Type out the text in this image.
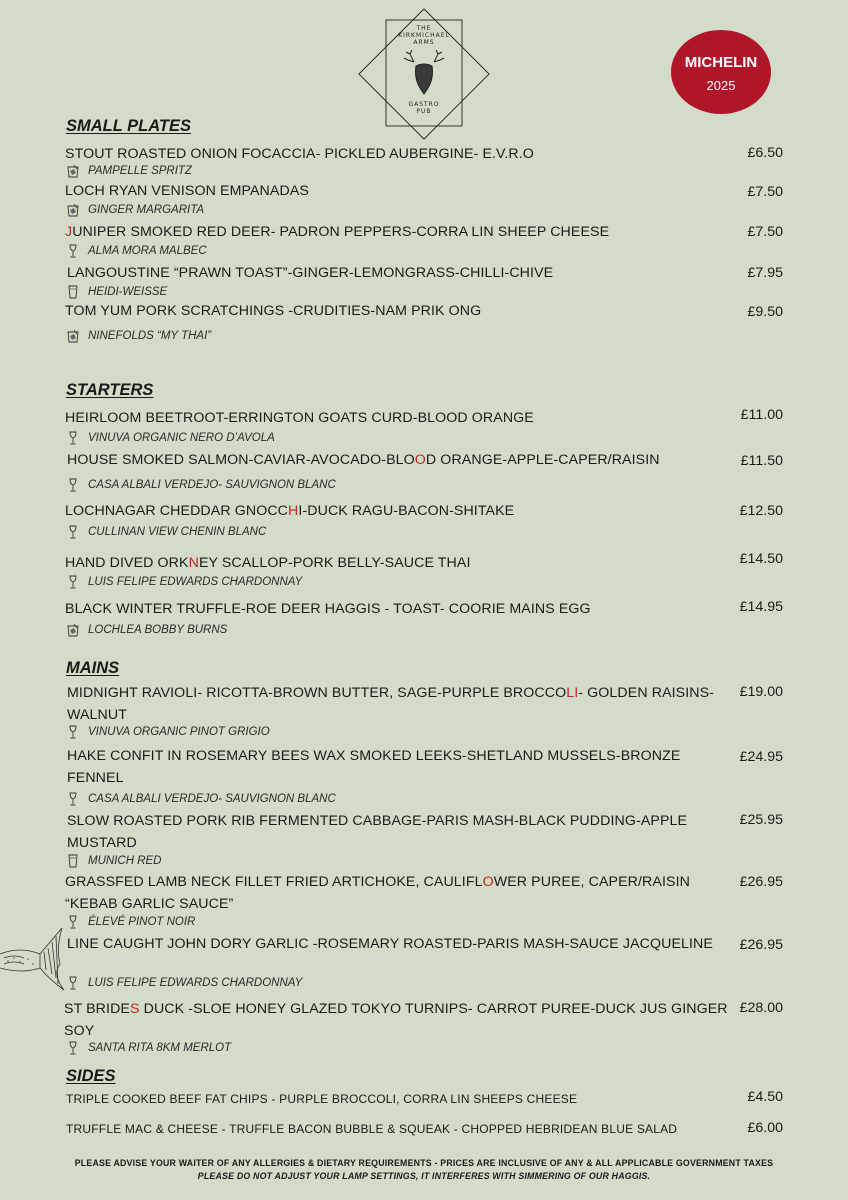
THE
KIRKMICHAEL
ARMS
GASTRO
PUB
MICHELIN
2025
SMALL PLATES
STOUT ROASTED ONION FOCACCIA- PICKLED AUBERGINE- E.V.R.O	£6.50
PAMPELLE SPRITZ
LOCH RYAN VENISON EMPANADAS	£7.50
GINGER MARGARITA
JUNIPER SMOKED RED DEER- PADRON PEPPERS-CORRA LIN SHEEP CHEESE	£7.50
ALMA MORA MALBEC
LANGOUSTINE “PRAWN TOAST”-GINGER-LEMONGRASS-CHILLI-CHIVE	£7.95
HEIDI-WEISSE
TOM YUM PORK SCRATCHINGS -CRUDITIES-NAM PRIK ONG	£9.50
NINEFOLDS “MY THAI”
STARTERS
HEIRLOOM BEETROOT-ERRINGTON GOATS CURD-BLOOD ORANGE	£11.00
VINUVA ORGANIC NERO D’AVOLA
HOUSE SMOKED SALMON-CAVIAR-AVOCADO-BLOOD ORANGE-APPLE-CAPER/RAISIN	£11.50
CASA ALBALI VERDEJO- SAUVIGNON BLANC
LOCHNAGAR CHEDDAR GNOCCHI-DUCK RAGU-BACON-SHITAKE	£12.50
CULLINAN VIEW CHENIN BLANC
HAND DIVED ORKNEY SCALLOP-PORK BELLY-SAUCE THAI	£14.50
LUIS FELIPE EDWARDS CHARDONNAY
BLACK WINTER TRUFFLE-ROE DEER HAGGIS - TOAST- COORIE MAINS EGG	£14.95
LOCHLEA BOBBY BURNS
MAINS
MIDNIGHT RAVIOLI- RICOTTA-BROWN BUTTER, SAGE-PURPLE BROCCOLI- GOLDEN RAISINS- WALNUT
£19.00
VINUVA ORGANIC PINOT GRIGIO
HAKE CONFIT IN ROSEMARY BEES WAX SMOKED LEEKS-SHETLAND MUSSELS-BRONZE FENNEL
£24.95
CASA ALBALI VERDEJO- SAUVIGNON BLANC
SLOW ROASTED PORK RIB FERMENTED CABBAGE-PARIS MASH-BLACK PUDDING-APPLE MUSTARD
£25.95
MUNICH RED
GRASSFED LAMB NECK FILLET FRIED ARTICHOKE, CAULIFLOWER PUREE, CAPER/RAISIN “KEBAB GARLIC SAUCE”
£26.95
ÉLEVÉ PINOT NOIR
LINE CAUGHT JOHN DORY GARLIC -ROSEMARY ROASTED-PARIS MASH-SAUCE JACQUELINE	£26.95
LUIS FELIPE EDWARDS CHARDONNAY
ST BRIDES DUCK -SLOE HONEY GLAZED TOKYO TURNIPS- CARROT PUREE-DUCK JUS GINGER SOY
£28.00
SANTA RITA 8KM MERLOT
SIDES
TRIPLE COOKED BEEF FAT CHIPS - PURPLE BROCCOLI, CORRA LIN SHEEPS CHEESE	£4.50
TRUFFLE MAC & CHEESE - TRUFFLE BACON BUBBLE & SQUEAK - CHOPPED HEBRIDEAN BLUE SALAD	£6.00
PLEASE ADVISE YOUR WAITER OF ANY ALLERGIES & DIETARY REQUIREMENTS - PRICES ARE INCLUSIVE OF ANY & ALL APPLICABLE GOVERNMENT TAXES
PLEASE DO NOT ADJUST YOUR LAMP SETTINGS, IT INTERFERES WITH SIMMERING OF OUR HAGGIS.
